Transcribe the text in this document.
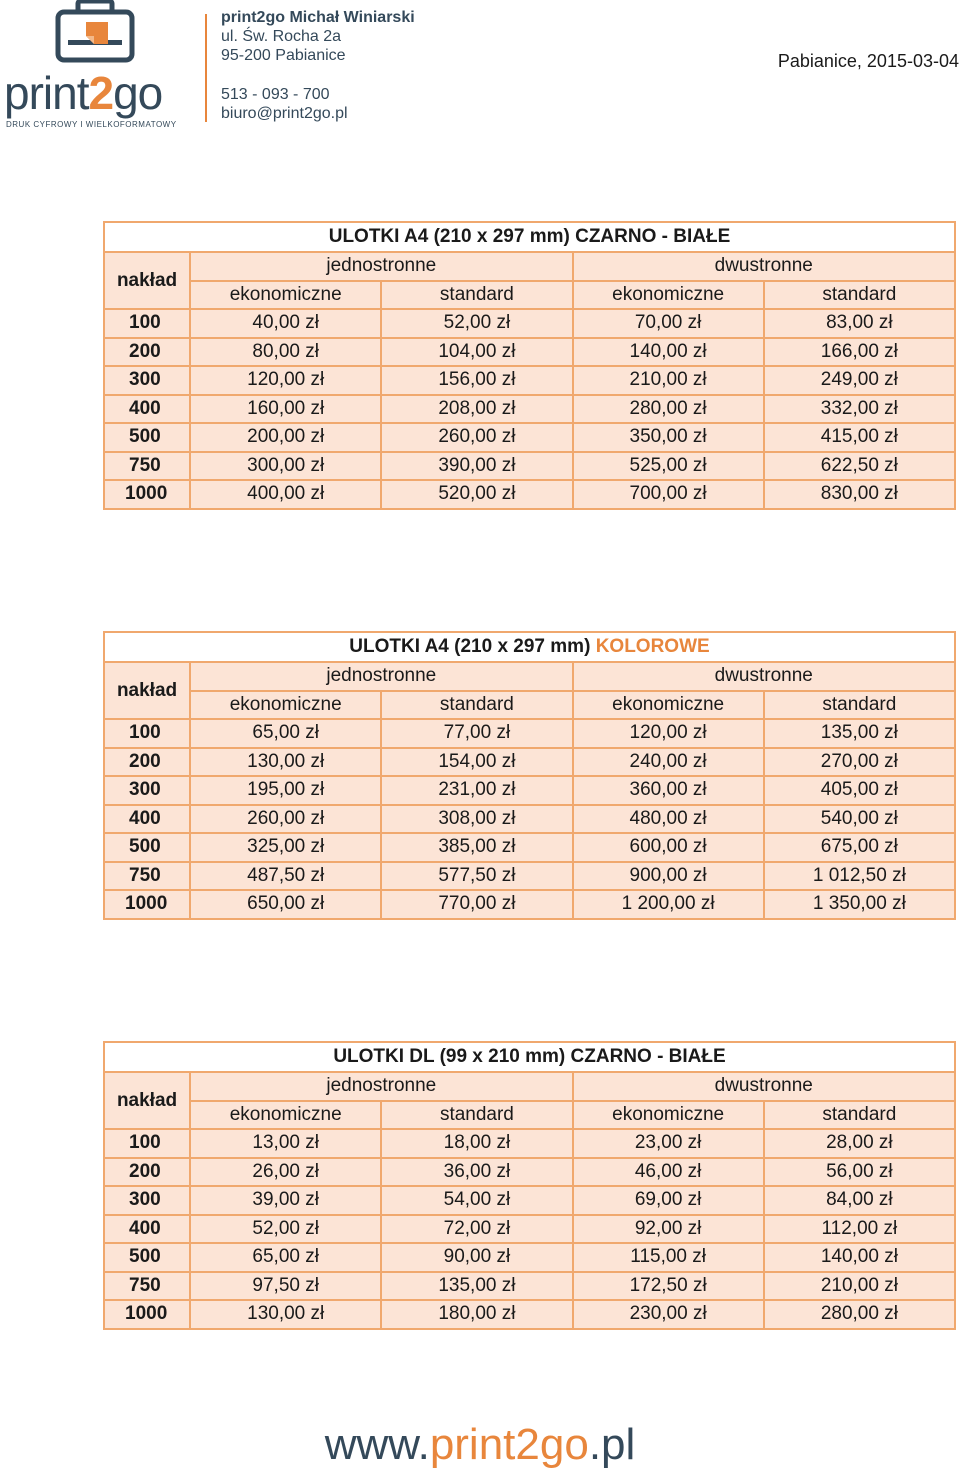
print2go
DRUK CYFROWY I WIELKOFORMATOWY
print2go Michał Winiarski
ul. Św. Rocha 2a
95-200 Pabianice
513 - 093 - 700
biuro@print2go.pl
Pabianice, 2015-03-04
ULOTKI A4 (210 x 297 mm) CZARNO - BIAŁE				
nakład	jednostronne		dwustronne	
	ekonomiczne	standard	ekonomiczne	standard
100	40,00 zł	52,00 zł	70,00 zł	83,00 zł
200	80,00 zł	104,00 zł	140,00 zł	166,00 zł
300	120,00 zł	156,00 zł	210,00 zł	249,00 zł
400	160,00 zł	208,00 zł	280,00 zł	332,00 zł
500	200,00 zł	260,00 zł	350,00 zł	415,00 zł
750	300,00 zł	390,00 zł	525,00 zł	622,50 zł
1000	400,00 zł	520,00 zł	700,00 zł	830,00 zł
ULOTKI A4 (210 x 297 mm) KOLOROWE				
nakład	jednostronne		dwustronne	
	ekonomiczne	standard	ekonomiczne	standard
100	65,00 zł	77,00 zł	120,00 zł	135,00 zł
200	130,00 zł	154,00 zł	240,00 zł	270,00 zł
300	195,00 zł	231,00 zł	360,00 zł	405,00 zł
400	260,00 zł	308,00 zł	480,00 zł	540,00 zł
500	325,00 zł	385,00 zł	600,00 zł	675,00 zł
750	487,50 zł	577,50 zł	900,00 zł	1 012,50 zł
1000	650,00 zł	770,00 zł	1 200,00 zł	1 350,00 zł
ULOTKI DL (99 x 210 mm) CZARNO - BIAŁE				
nakład	jednostronne		dwustronne	
	ekonomiczne	standard	ekonomiczne	standard
100	13,00 zł	18,00 zł	23,00 zł	28,00 zł
200	26,00 zł	36,00 zł	46,00 zł	56,00 zł
300	39,00 zł	54,00 zł	69,00 zł	84,00 zł
400	52,00 zł	72,00 zł	92,00 zł	112,00 zł
500	65,00 zł	90,00 zł	115,00 zł	140,00 zł
750	97,50 zł	135,00 zł	172,50 zł	210,00 zł
1000	130,00 zł	180,00 zł	230,00 zł	280,00 zł
www.print2go.pl
